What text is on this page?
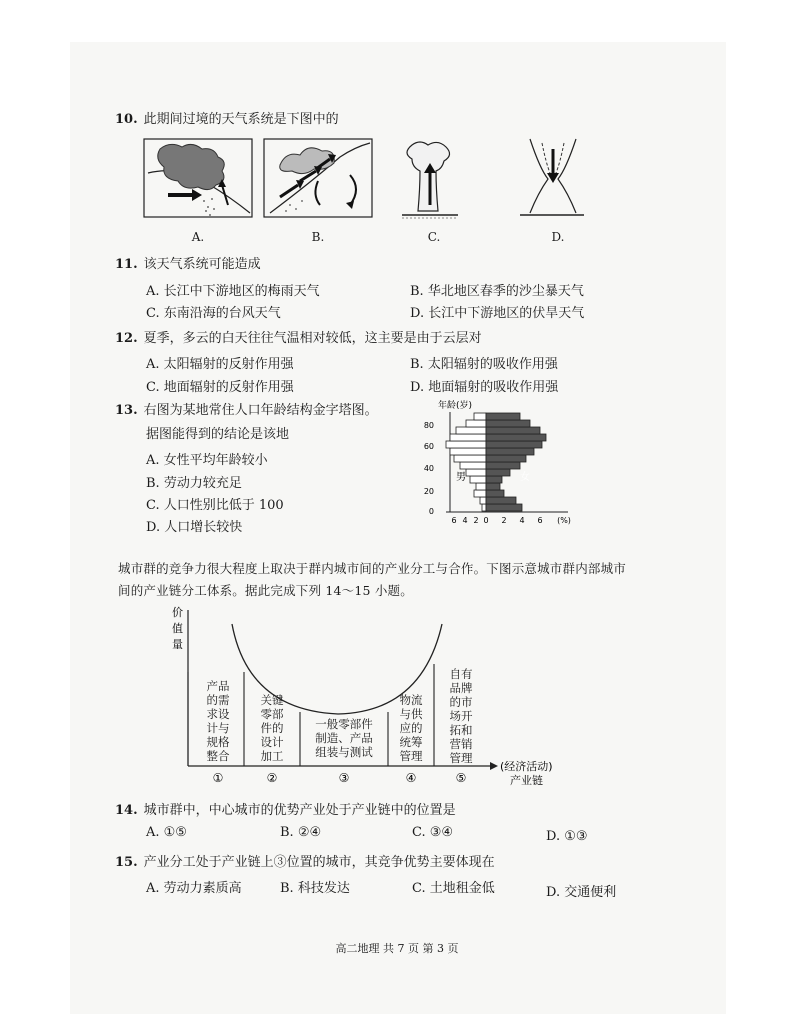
10. 此期间过境的天气系统是下图中的
A.	B.	C.	D.
11. 该天气系统可能造成
A. 长江中下游地区的梅雨天气	B. 华北地区春季的沙尘暴天气
C. 东南沿海的台风天气	D. 长江中下游地区的伏旱天气
12. 夏季，多云的白天往往气温相对较低，这主要是由于云层对
A. 太阳辐射的反射作用强	B. 太阳辐射的吸收作用强
C. 地面辐射的反射作用强	D. 地面辐射的吸收作用强
13. 右图为某地常住人口年龄结构金字塔图。
据图能得到的结论是该地
A. 女性平均年龄较小
B. 劳动力较充足
C. 人口性别比低于 100
D. 人口增长较快
年龄(岁)
0
20
40
60
80
男	女
6 4 2 0 2 4 6 (%)
城市群的竞争力很大程度上取决于群内城市间的产业分工与合作。下图示意城市群内部城市
间的产业链分工体系。据此完成下列 14～15 小题。
价
值
量
产品
的需
求设
计与
规格
整合
关键
零部
件的
设计
加工
一般零部件
制造、产品
组装与测试
物流
与供
应的
统筹
管理
自有
品牌
的市
场开
拓和
营销
管理
①	②	③	④	⑤
(经济活动)
产业链
14. 城市群中，中心城市的优势产业处于产业链中的位置是
A. ①⑤	B. ②④	C. ③④	D. ①③
15. 产业分工处于产业链上③位置的城市，其竞争优势主要体现在
A. 劳动力素质高	B. 科技发达	C. 土地租金低	D. 交通便利
高二地理 共 7 页 第 3 页
